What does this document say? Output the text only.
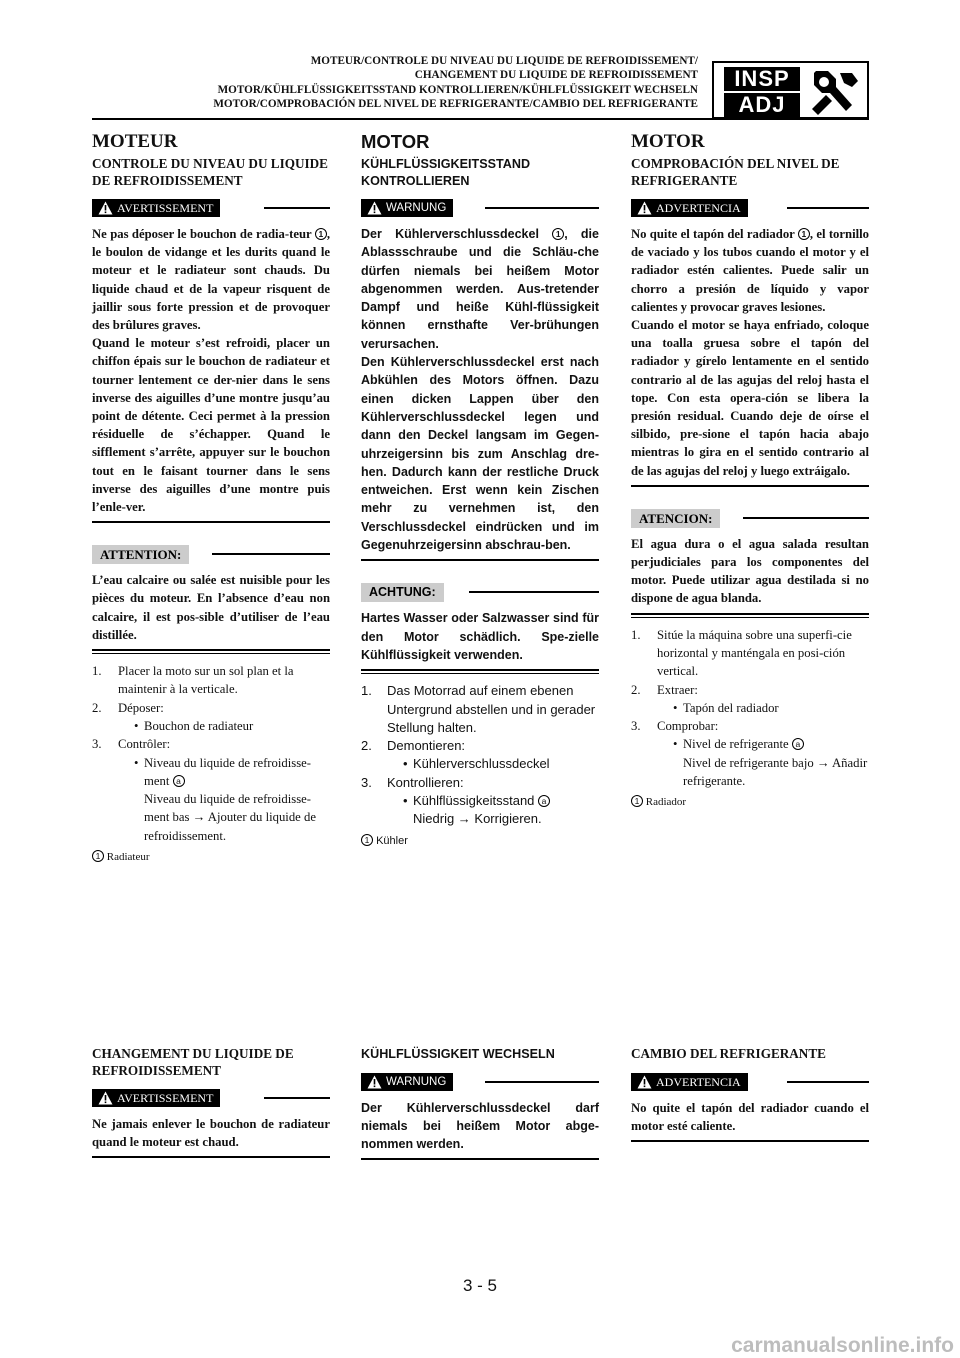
MOTEUR/CONTROLE DU NIVEAU DU LIQUIDE DE REFROIDISSEMENT/
CHANGEMENT DU LIQUIDE DE REFROIDISSEMENT
MOTOR/KÜHLFLÜSSIGKEITSSTAND KONTROLLIEREN/KÜHLFLÜSSIGKEIT WECHSELN
MOTOR/COMPROBACIÓN DEL NIVEL DE REFRIGERANTE/CAMBIO DEL REFRIGERANTE
INSP
ADJ
MOTEUR
CONTROLE DU NIVEAU DU LIQUIDE DE REFROIDISSEMENT
AVERTISSEMENT

Ne pas déposer le bouchon de radia-teur 1 , le boulon de vidange et les durits quand le moteur et le radiateur sont chauds. Du liquide chaud et de la vapeur risquent de jaillir sous forte pression et de provoquer des brûlures graves.

Quand le moteur s’est refroidi, placer un chiffon épais sur le bouchon de radiateur et tourner lentement ce der-nier dans le sens inverse des aiguilles d’une montre jusqu’au point de détente. Ceci permet à la pression résiduelle de s’échapper. Quand le sifflement s’arrête, appuyer sur le bouchon tout en le faisant tourner dans le sens inverse des aiguilles d’une montre puis l’enle-ver.

ATTENTION:
L’eau calcaire ou salée est nuisible pour les pièces du moteur. En l’absence d’eau non calcaire, il est pos-sible d’utiliser de l’eau distillée.
1. Placer la moto sur un sol plan et la maintenir à la verticale.
2. Déposer:
• Bouchon de radiateur
3. Contrôler:
• Niveau du liquide de refroidisse-ment a
Niveau du liquide de refroidisse-ment bas → Ajouter du liquide de refroidissement.
1 Radiateur
MOTOR
KÜHLFLÜSSIGKEITSSTAND KONTROLLIEREN
WARNUNG

Der Kühlerverschlussdeckel 1 , die Ablassschraube und die Schläu-che dürfen niemals bei heißem Motor abgenommen werden. Aus-tretender Dampf und heiße Kühl-flüssigkeit können ernsthafte Ver-brühungen verursachen.

Den Kühlerverschlussdeckel erst nach Abkühlen des Motors öffnen. Dazu einen dicken Lappen über den Kühlerverschlussdeckel legen und dann den Deckel langsam im Gegen-uhrzeigersinn bis zum Anschlag dre-hen. Dadurch kann der restliche Druck entweichen. Erst wenn kein Zischen mehr zu vernehmen ist, den Verschlussdeckel eindrücken und im Gegenuhrzeigersinn abschrau-ben.

ACHTUNG:
Hartes Wasser oder Salzwasser sind für den Motor schädlich. Spe-zielle Kühlflüssigkeit verwenden.
1. Das Motorrad auf einem ebenen Untergrund abstellen und in gerader Stellung halten.
2. Demontieren:
• Kühlerverschlussdeckel
3. Kontrollieren:
• Kühlflüssigkeitsstand a
Niedrig → Korrigieren.
1 Kühler
MOTOR
COMPROBACIÓN DEL NIVEL DE REFRIGERANTE
ADVERTENCIA

No quite el tapón del radiador 1 , el tornillo de vaciado y los tubos cuando el motor y el radiador estén calientes. Puede salir un chorro a presión de líquido y vapor calientes y provocar graves lesiones.

Cuando el motor se haya enfriado, coloque una toalla gruesa sobre el tapón del radiador y gírelo lentamente en el sentido contrario al de las agujas del reloj hasta el tope. Con esta opera-ción se libera la presión residual. Cuando deje de oírse el silbido, pre-sione el tapón hacia abajo mientras lo gira en el sentido contrario al de las agujas del reloj y luego extráigalo.

ATENCION:
El agua dura o el agua salada resultan perjudiciales para los componentes del motor. Puede utilizar agua destilada si no dispone de agua blanda.
1. Sitúe la máquina sobre una superfi-cie horizontal y manténgala en posi-ción vertical.
2. Extraer:
• Tapón del radiador
3. Comprobar:
• Nivel de refrigerante a
Nivel de refrigerante bajo → Añadir refrigerante.
1 Radiador
CHANGEMENT DU LIQUIDE DE REFROIDISSEMENT
AVERTISSEMENT
Ne jamais enlever le bouchon de radiateur quand le moteur est chaud.
KÜHLFLÜSSIGKEIT WECHSELN
WARNUNG
Der Kühlerverschlussdeckel darf niemals bei heißem Motor abge-nommen werden.
CAMBIO DEL REFRIGERANTE
ADVERTENCIA
No quite el tapón del radiador cuando el motor esté caliente.
3 - 5
carmanualsonline.info
